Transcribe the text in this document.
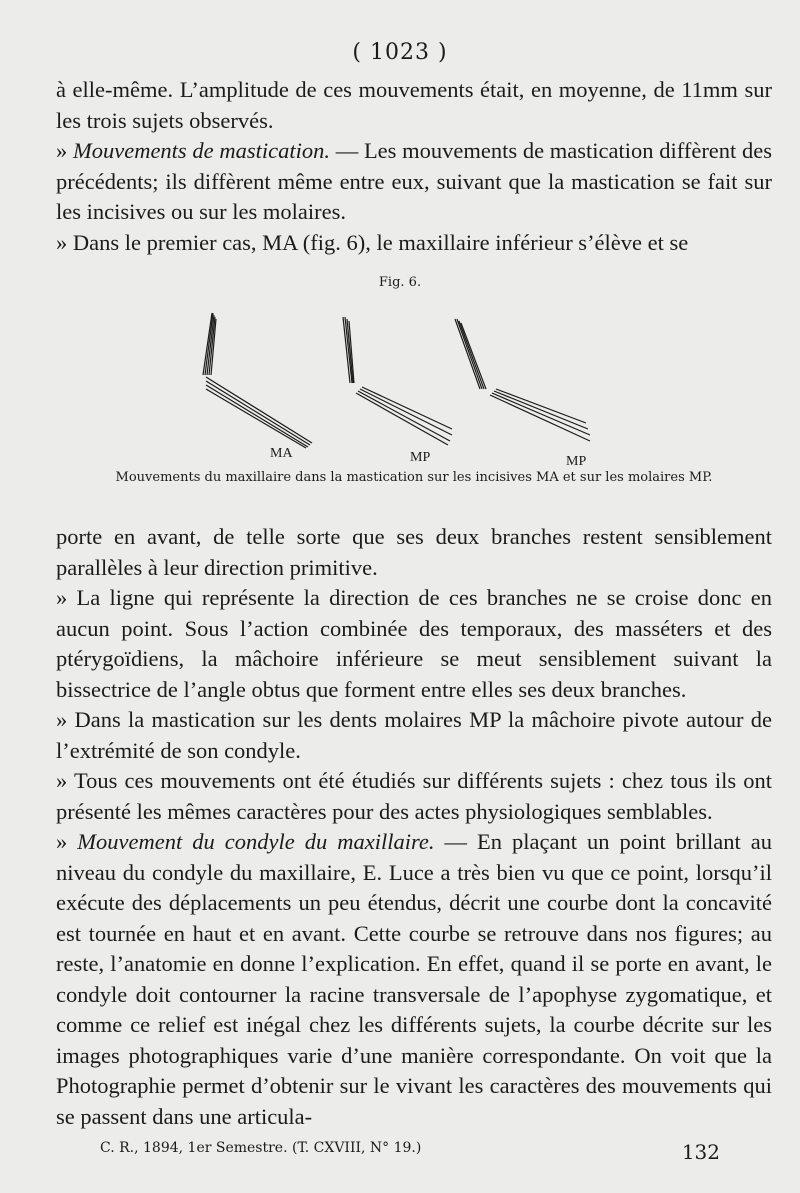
( 1023 )

à elle-même. L’amplitude de ces mouvements était, en moyenne, de 11mm sur les trois sujets observés.

» Mouvements de mastication. — Les mouvements de mastication diffèrent des précédents; ils diffèrent même entre eux, suivant que la mastication se fait sur les incisives ou sur les molaires.

» Dans le premier cas, MA (fig. 6), le maxillaire inférieur s’élève et se

Fig. 6.
MA	MP	MP
Mouvements du maxillaire dans la mastication sur les incisives MA et sur les molaires MP.

porte en avant, de telle sorte que ses deux branches restent sensiblement parallèles à leur direction primitive.

» La ligne qui représente la direction de ces branches ne se croise donc en aucun point. Sous l’action combinée des temporaux, des masséters et des ptérygoïdiens, la mâchoire inférieure se meut sensiblement suivant la bissectrice de l’angle obtus que forment entre elles ses deux branches.

» Dans la mastication sur les dents molaires MP la mâchoire pivote autour de l’extrémité de son condyle.

» Tous ces mouvements ont été étudiés sur différents sujets : chez tous ils ont présenté les mêmes caractères pour des actes physiologiques semblables.

» Mouvement du condyle du maxillaire. — En plaçant un point brillant au niveau du condyle du maxillaire, E. Luce a très bien vu que ce point, lorsqu’il exécute des déplacements un peu étendus, décrit une courbe dont la concavité est tournée en haut et en avant. Cette courbe se retrouve dans nos figures; au reste, l’anatomie en donne l’explication. En effet, quand il se porte en avant, le condyle doit contourner la racine transversale de l’apophyse zygomatique, et comme ce relief est inégal chez les différents sujets, la courbe décrite sur les images photographiques varie d’une manière correspondante. On voit que la Photographie permet d’obtenir sur le vivant les caractères des mouvements qui se passent dans une articula-

C. R., 1894, 1er Semestre. (T. CXVIII, N° 19.)	132
